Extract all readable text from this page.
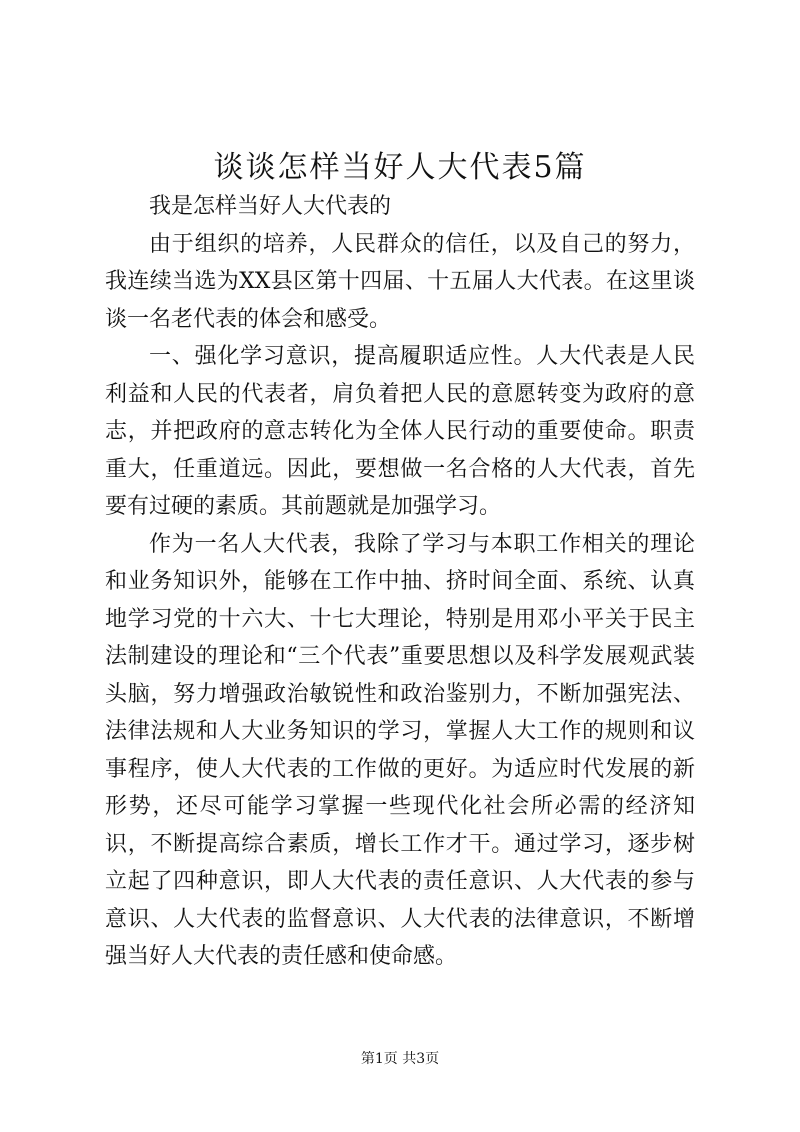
谈谈怎样当好人大代表5篇

我是怎样当好人大代表的

由于组织的培养，人民群众的信任，以及自己的努力，我连续当选为XX县区第十四届、十五届人大代表。在这里谈谈一名老代表的体会和感受。

一、强化学习意识，提高履职适应性。人大代表是人民利益和人民的代表者，肩负着把人民的意愿转变为政府的意志，并把政府的意志转化为全体人民行动的重要使命。职责重大，任重道远。因此，要想做一名合格的人大代表，首先要有过硬的素质。其前题就是加强学习。

作为一名人大代表，我除了学习与本职工作相关的理论和业务知识外，能够在工作中抽、挤时间全面、系统、认真地学习党的十六大、十七大理论，特别是用邓小平关于民主法制建设的理论和“三个代表”重要思想以及科学发展观武装头脑，努力增强政治敏锐性和政治鉴别力，不断加强宪法、法律法规和人大业务知识的学习，掌握人大工作的规则和议事程序，使人大代表的工作做的更好。为适应时代发展的新形势，还尽可能学习掌握一些现代化社会所必需的经济知识，不断提高综合素质，增长工作才干。通过学习，逐步树立起了四种意识，即人大代表的责任意识、人大代表的参与意识、人大代表的监督意识、人大代表的法律意识，不断增强当好人大代表的责任感和使命感。

第1页 共3页
